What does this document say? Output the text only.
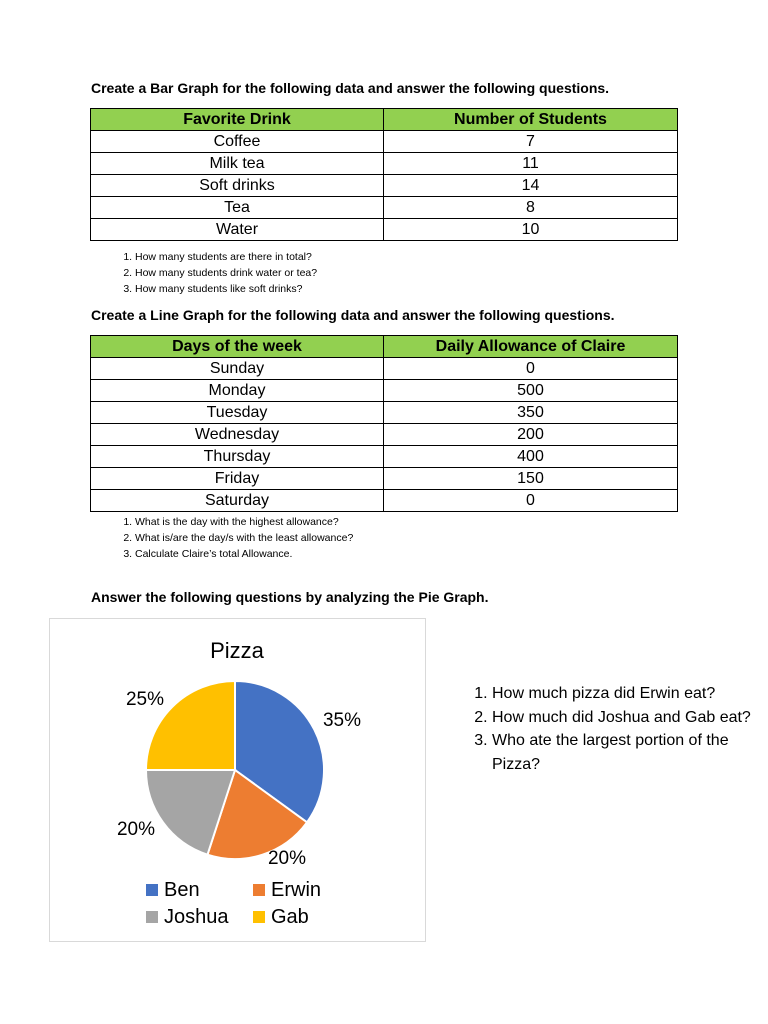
Create a Bar Graph for the following data and answer the following questions.
Favorite Drink	Number of Students
Coffee	7
Milk tea	11
Soft drinks	14
Tea	8
Water	10
1. How many students are there in total?
2. How many students drink water or tea?
3. How many students like soft drinks?
Create a Line Graph for the following data and answer the following questions.
Days of the week	Daily Allowance of Claire
Sunday	0
Monday	500
Tuesday	350
Wednesday	200
Thursday	400
Friday	150
Saturday	0
1. What is the day with the highest allowance?
2. What is/are the day/s with the least allowance?
3. Calculate Claire’s total Allowance.
Answer the following questions by analyzing the Pie Graph.
Pizza
35%
20%
20%
25%
Ben	Erwin
Joshua Gab
1. How much pizza did Erwin eat?
2. How much did Joshua and Gab eat?
3. Who ate the largest portion of the Pizza?
